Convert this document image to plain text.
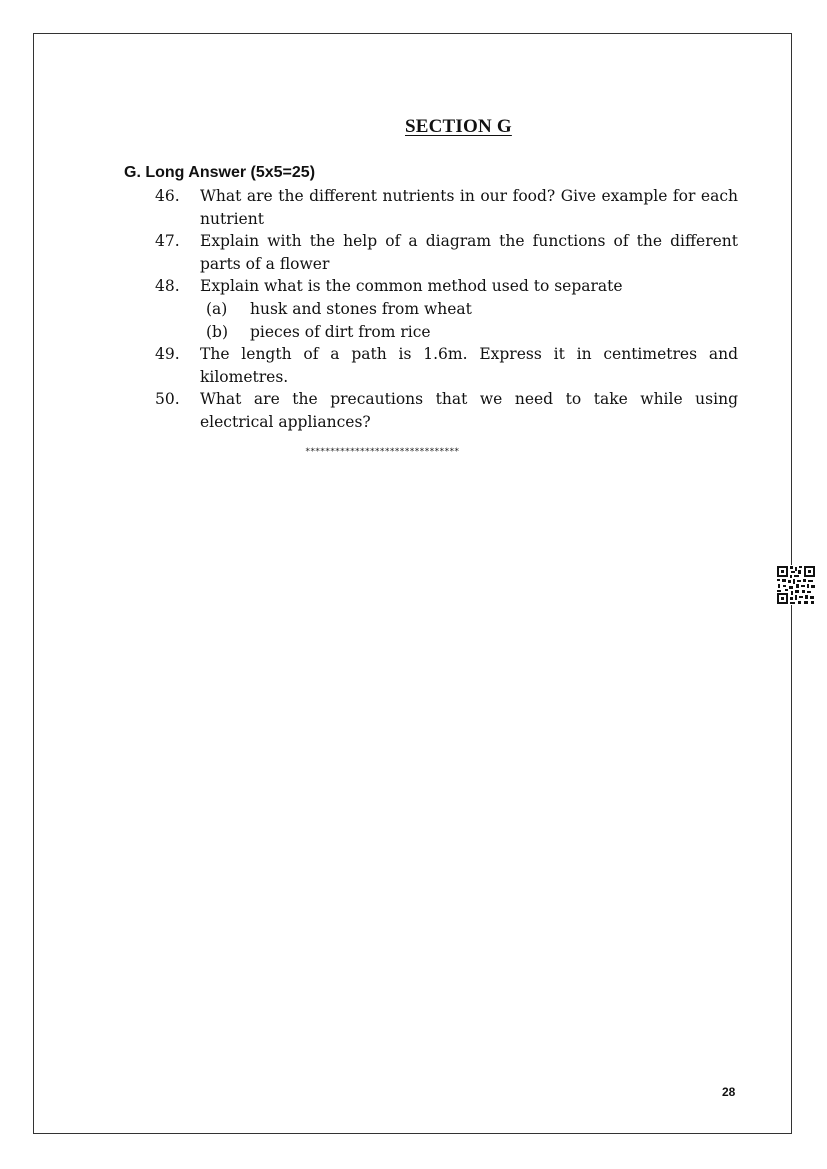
SECTION G
G. Long Answer (5x5=25)
46.	What are the different nutrients in our food? Give example for each nutrient
47.	Explain with the help of a diagram the functions of the different parts of a flower
48.	Explain what is the common method used to separate
(a)	husk and stones from wheat
(b)	pieces of dirt from rice
49.	The length of a path is 1.6m. Express it in centimetres and kilometres.
50.	What are the precautions that we need to take while using electrical appliances?
*******************************
28
